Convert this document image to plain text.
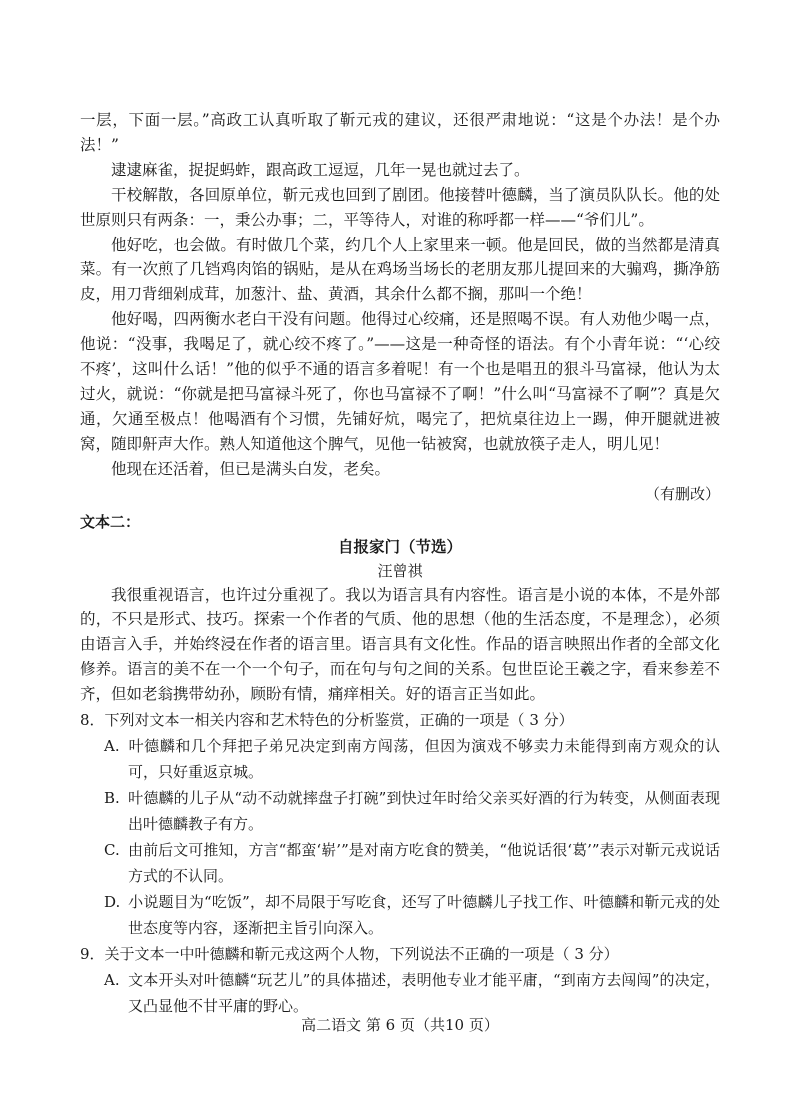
一层，下面一层。”高政工认真听取了靳元戎的建议，还很严肃地说：“这是个办法！是个办法！”

逮逮麻雀，捉捉蚂蚱，跟高政工逗逗，几年一晃也就过去了。

干校解散，各回原单位，靳元戎也回到了剧团。他接替叶德麟，当了演员队队长。他的处世原则只有两条：一，秉公办事；二，平等待人，对谁的称呼都一样——“爷们儿”。

他好吃，也会做。有时做几个菜，约几个人上家里来一顿。他是回民，做的当然都是清真菜。有一次煎了几铛鸡肉馅的锅贴，是从在鸡场当场长的老朋友那儿提回来的大骟鸡，撕净筋皮，用刀背细剁成茸，加葱汁、盐、黄酒，其余什么都不搁，那叫一个绝！

他好喝，四两衡水老白干没有问题。他得过心绞痛，还是照喝不误。有人劝他少喝一点，他说：“没事，我喝足了，就心绞不疼了。”——这是一种奇怪的语法。有个小青年说：“‘心绞不疼’，这叫什么话！”他的似乎不通的语言多着呢！有一个也是唱丑的狠斗马富禄，他认为太过火，就说：“你就是把马富禄斗死了，你也马富禄不了啊！”什么叫“马富禄不了啊”？真是欠通，欠通至极点！他喝酒有个习惯，先铺好炕，喝完了，把炕桌往边上一踢，伸开腿就进被窝，随即鼾声大作。熟人知道他这个脾气，见他一钻被窝，也就放筷子走人，明儿见！

他现在还活着，但已是满头白发，老矣。

（有删改）

文本二：

自报家门（节选）

汪曾祺

我很重视语言，也许过分重视了。我以为语言具有内容性。语言是小说的本体，不是外部的，不只是形式、技巧。探索一个作者的气质、他的思想（他的生活态度，不是理念），必须由语言入手，并始终浸在作者的语言里。语言具有文化性。作品的语言映照出作者的全部文化修养。语言的美不在一个一个句子，而在句与句之间的关系。包世臣论王羲之字，看来参差不齐，但如老翁携带幼孙，顾盼有情，痛痒相关。好的语言正当如此。

8．下列对文本一相关内容和艺术特色的分析鉴赏，正确的一项是（ 3 分）

A. 叶德麟和几个拜把子弟兄决定到南方闯荡，但因为演戏不够卖力未能得到南方观众的认可，只好重返京城。

B. 叶德麟的儿子从“动不动就摔盘子打碗”到快过年时给父亲买好酒的行为转变，从侧面表现出叶德麟教子有方。

C. 由前后文可推知，方言“都蛮‘崭’”是对南方吃食的赞美，“他说话很‘葛’”表示对靳元戎说话方式的不认同。

D. 小说题目为“吃饭”，却不局限于写吃食，还写了叶德麟儿子找工作、叶德麟和靳元戎的处世态度等内容，逐渐把主旨引向深入。

9．关于文本一中叶德麟和靳元戎这两个人物，下列说法不正确的一项是（ 3 分）

A. 文本开头对叶德麟“玩艺儿”的具体描述，表明他专业才能平庸，“到南方去闯闯”的决定，又凸显他不甘平庸的野心。

高二语文 第 6 页（共10 页）
